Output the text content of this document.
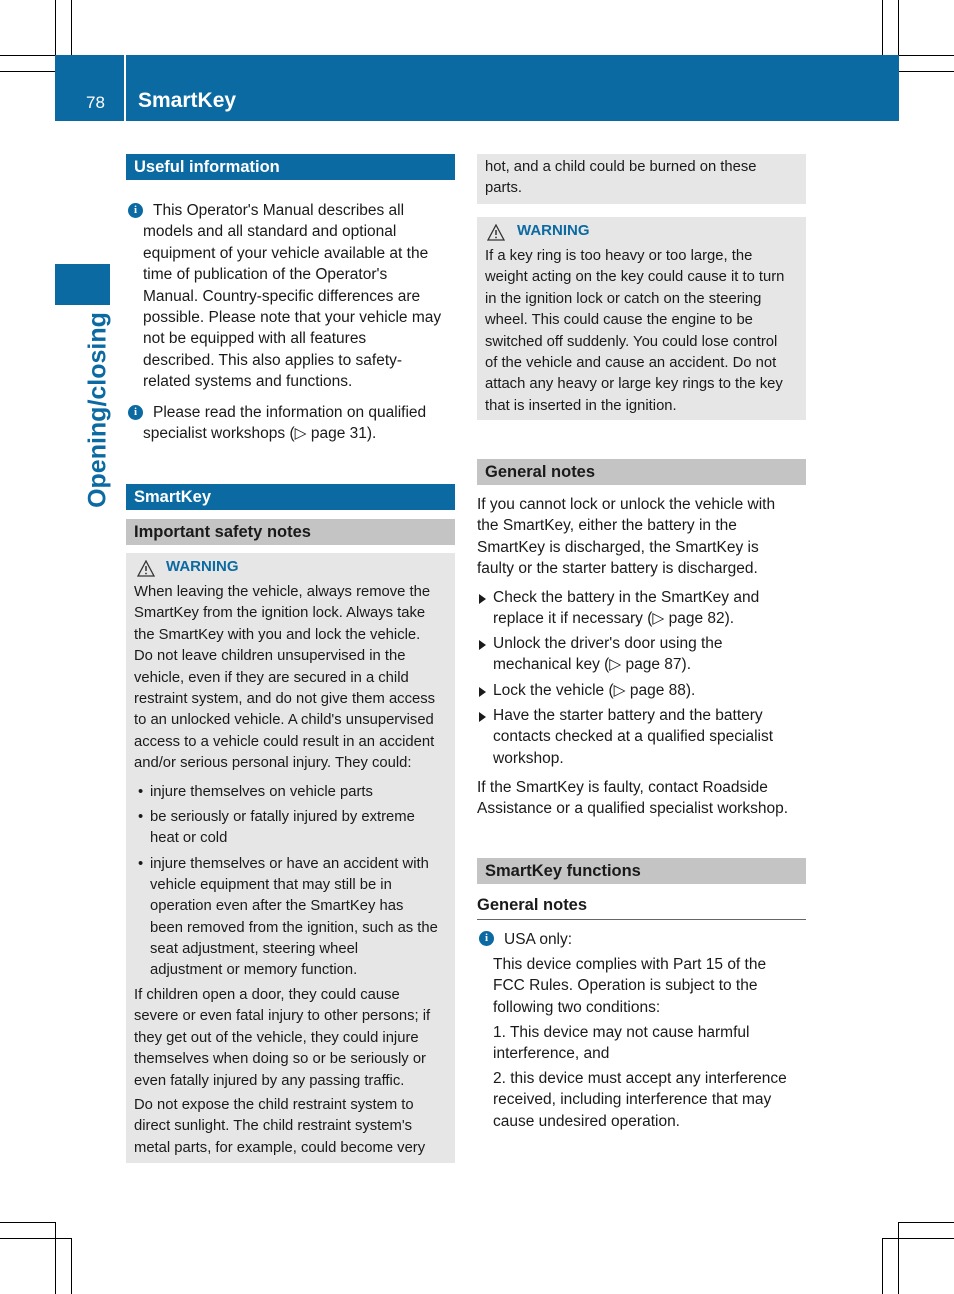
78 SmartKey
Opening/closing
Useful information
i	This Operator's Manual describes all
models and all standard and optional
equipment of your vehicle available at the
time of publication of the Operator's
Manual. Country-specific differences are
possible. Please note that your vehicle may
not be equipped with all features
described. This also applies to safety-
related systems and functions.
i	Please read the information on qualified
specialist workshops (▷ page 31).
SmartKey
Important safety notes
WARNING
When leaving the vehicle, always remove the
SmartKey from the ignition lock. Always take
the SmartKey with you and lock the vehicle.
Do not leave children unsupervised in the
vehicle, even if they are secured in a child
restraint system, and do not give them access
to an unlocked vehicle. A child's unsupervised
access to a vehicle could result in an accident
and/or serious personal injury. They could:
• injure themselves on vehicle parts
• be seriously or fatally injured by extreme
heat or cold
• injure themselves or have an accident with
vehicle equipment that may still be in
operation even after the SmartKey has
been removed from the ignition, such as the
seat adjustment, steering wheel
adjustment or memory function.
If children open a door, they could cause
severe or even fatal injury to other persons; if
they get out of the vehicle, they could injure
themselves when doing so or be seriously or
even fatally injured by any passing traffic.
Do not expose the child restraint system to
direct sunlight. The child restraint system's
metal parts, for example, could become very
hot, and a child could be burned on these
parts.
WARNING
If a key ring is too heavy or too large, the
weight acting on the key could cause it to turn
in the ignition lock or catch on the steering
wheel. This could cause the engine to be
switched off suddenly. You could lose control
of the vehicle and cause an accident. Do not
attach any heavy or large key rings to the key
that is inserted in the ignition.
General notes
If you cannot lock or unlock the vehicle with
the SmartKey, either the battery in the
SmartKey is discharged, the SmartKey is
faulty or the starter battery is discharged.
Check the battery in the SmartKey and
replace it if necessary (▷ page 82).
Unlock the driver's door using the
mechanical key (▷ page 87).
Lock the vehicle (▷ page 88).
Have the starter battery and the battery
contacts checked at a qualified specialist
workshop.
If the SmartKey is faulty, contact Roadside
Assistance or a qualified specialist workshop.
SmartKey functions
General notes
i	USA only:
This device complies with Part 15 of the
FCC Rules. Operation is subject to the
following two conditions:
1. This device may not cause harmful
interference, and
2. this device must accept any interference
received, including interference that may
cause undesired operation.
